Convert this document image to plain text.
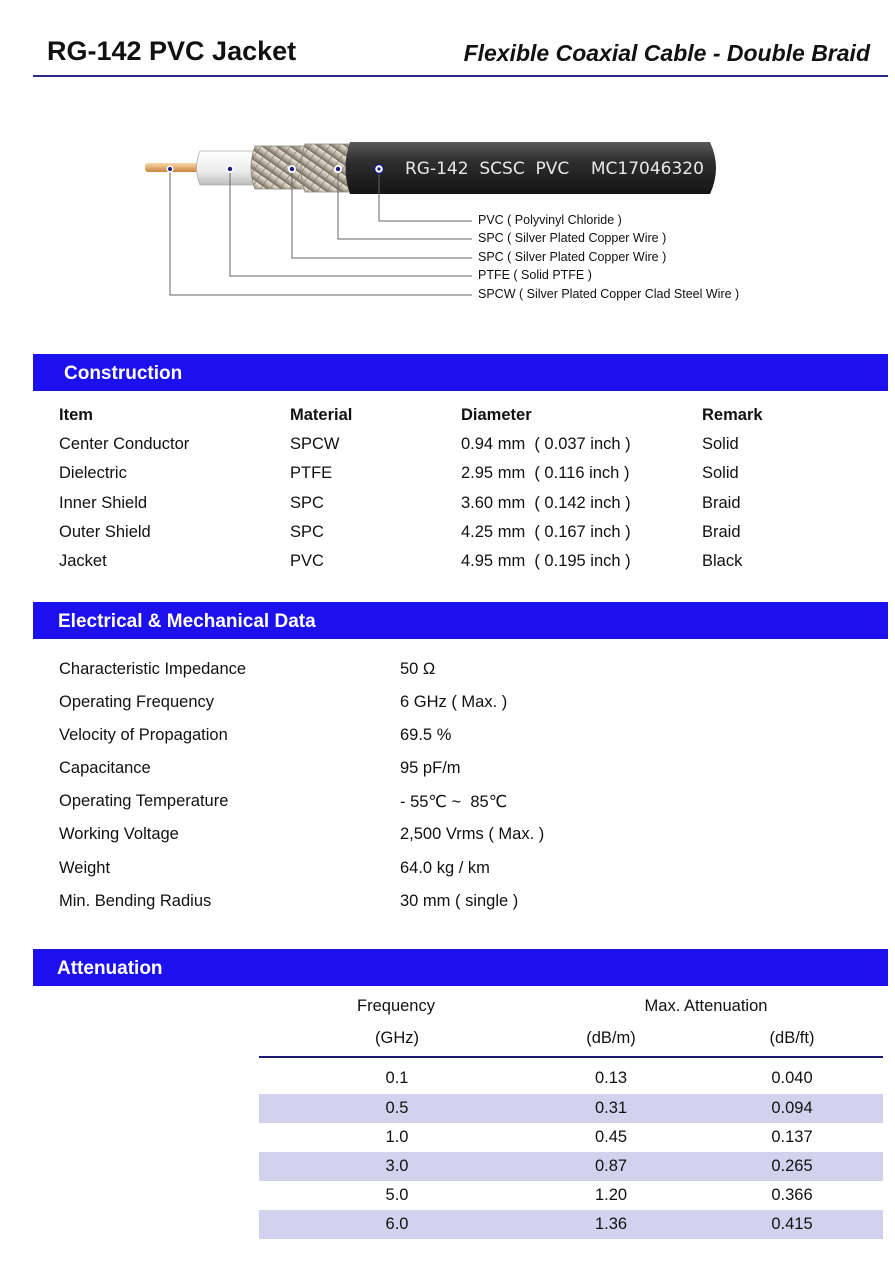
RG-142 PVC Jacket	Flexible Coaxial Cable - Double Braid
RG-142  SCSC  PVC    MC17046320
PVC ( Polyvinyl Chloride )
SPC ( Silver Plated Copper Wire )
SPC ( Silver Plated Copper Wire )
PTFE ( Solid PTFE )
SPCW ( Silver Plated Copper Clad Steel Wire )
Construction
Item	Material	Diameter	Remark
Center Conductor	SPCW	0.94 mm  ( 0.037 inch )	Solid
Dielectric	PTFE	2.95 mm  ( 0.116 inch )	Solid
Inner Shield	SPC	3.60 mm  ( 0.142 inch )	Braid
Outer Shield	SPC	4.25 mm  ( 0.167 inch )	Braid
Jacket	PVC	4.95 mm  ( 0.195 inch )	Black
Electrical & Mechanical Data
Characteristic Impedance	50 Ω
Operating Frequency	6 GHz ( Max. )
Velocity of Propagation	69.5 %
Capacitance	95 pF/m
Operating Temperature	- 55℃ ~  85℃
Working Voltage	2,500 Vrms ( Max. )
Weight	64.0 kg / km
Min. Bending Radius	30 mm ( single )
Attenuation
Frequency	Max. Attenuation
(GHz)	(dB/m)	(dB/ft)
0.1	0.13	0.040
0.5	0.31	0.094
1.0	0.45	0.137
3.0	0.87	0.265
5.0	1.20	0.366
6.0	1.36	0.415
